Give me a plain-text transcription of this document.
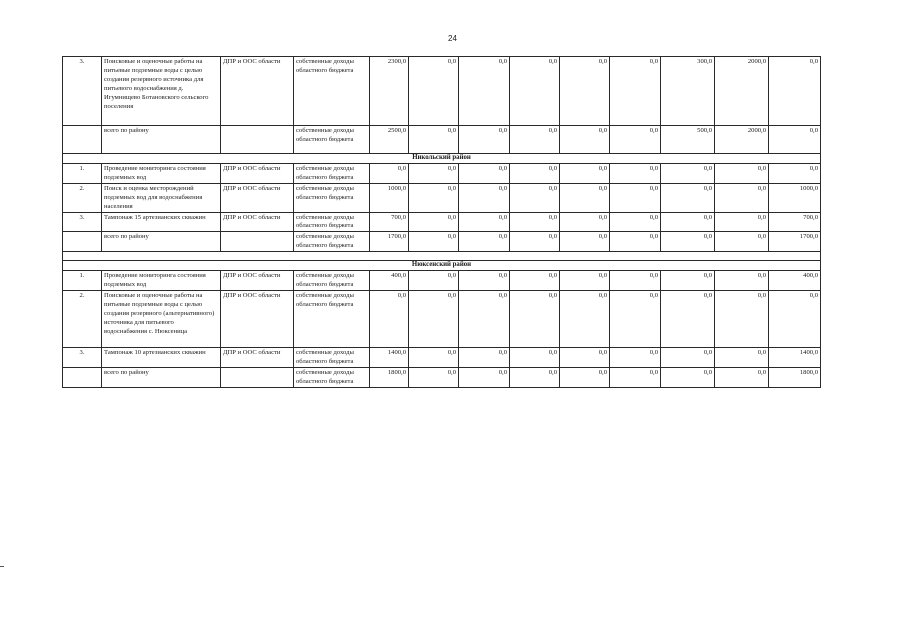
24
3.	Поисковые и оценочные работы на питьевые подземные воды с целью создания резервного источника для питьевого водоснабжения д. Игумнищево Ботановского сельского поселения	ДПР и ООС области	собственные доходы областного бюджета	2300,0	0,0	0,0	0,0	0,0	0,0	300,0	2000,0	0,0
	всего по району		собственные доходы областного бюджета	2500,0	0,0	0,0	0,0	0,0	0,0	500,0	2000,0	0,0
Никольский район												
1.	Проведение мониторинга состояния подземных вод	ДПР и ООС области	собственные доходы областного бюджета	0,0	0,0	0,0	0,0	0,0	0,0	0,0	0,0	0,0
2.	Поиск и оценка месторождений подземных вод для водоснабжения населения	ДПР и ООС области	собственные доходы областного бюджета	1000,0	0,0	0,0	0,0	0,0	0,0	0,0	0,0	1000,0
3.	Тампонаж 15 артезианских скважин	ДПР и ООС области	собственные доходы областного бюджета	700,0	0,0	0,0	0,0	0,0	0,0	0,0	0,0	700,0
	всего по району		собственные доходы областного бюджета	1700,0	0,0	0,0	0,0	0,0	0,0	0,0	0,0	1700,0

Нюксенский район												
1.	Проведение мониторинга состояния подземных вод	ДПР и ООС области	собственные доходы областного бюджета	400,0	0,0	0,0	0,0	0,0	0,0	0,0	0,0	400,0
2.	Поисковые и оценочные работы на питьевые подземные воды с целью создания резервного (альтернативного) источника для питьевого водоснабжения с. Нюксеница	ДПР и ООС области	собственные доходы областного бюджета	0,0	0,0	0,0	0,0	0,0	0,0	0,0	0,0	0,0
3.	Тампонаж 10 артезианских скважин	ДПР и ООС области	собственные доходы областного бюджета	1400,0	0,0	0,0	0,0	0,0	0,0	0,0	0,0	1400,0
	всего по району		собственные доходы областного бюджета	1800,0	0,0	0,0	0,0	0,0	0,0	0,0	0,0	1800,0
